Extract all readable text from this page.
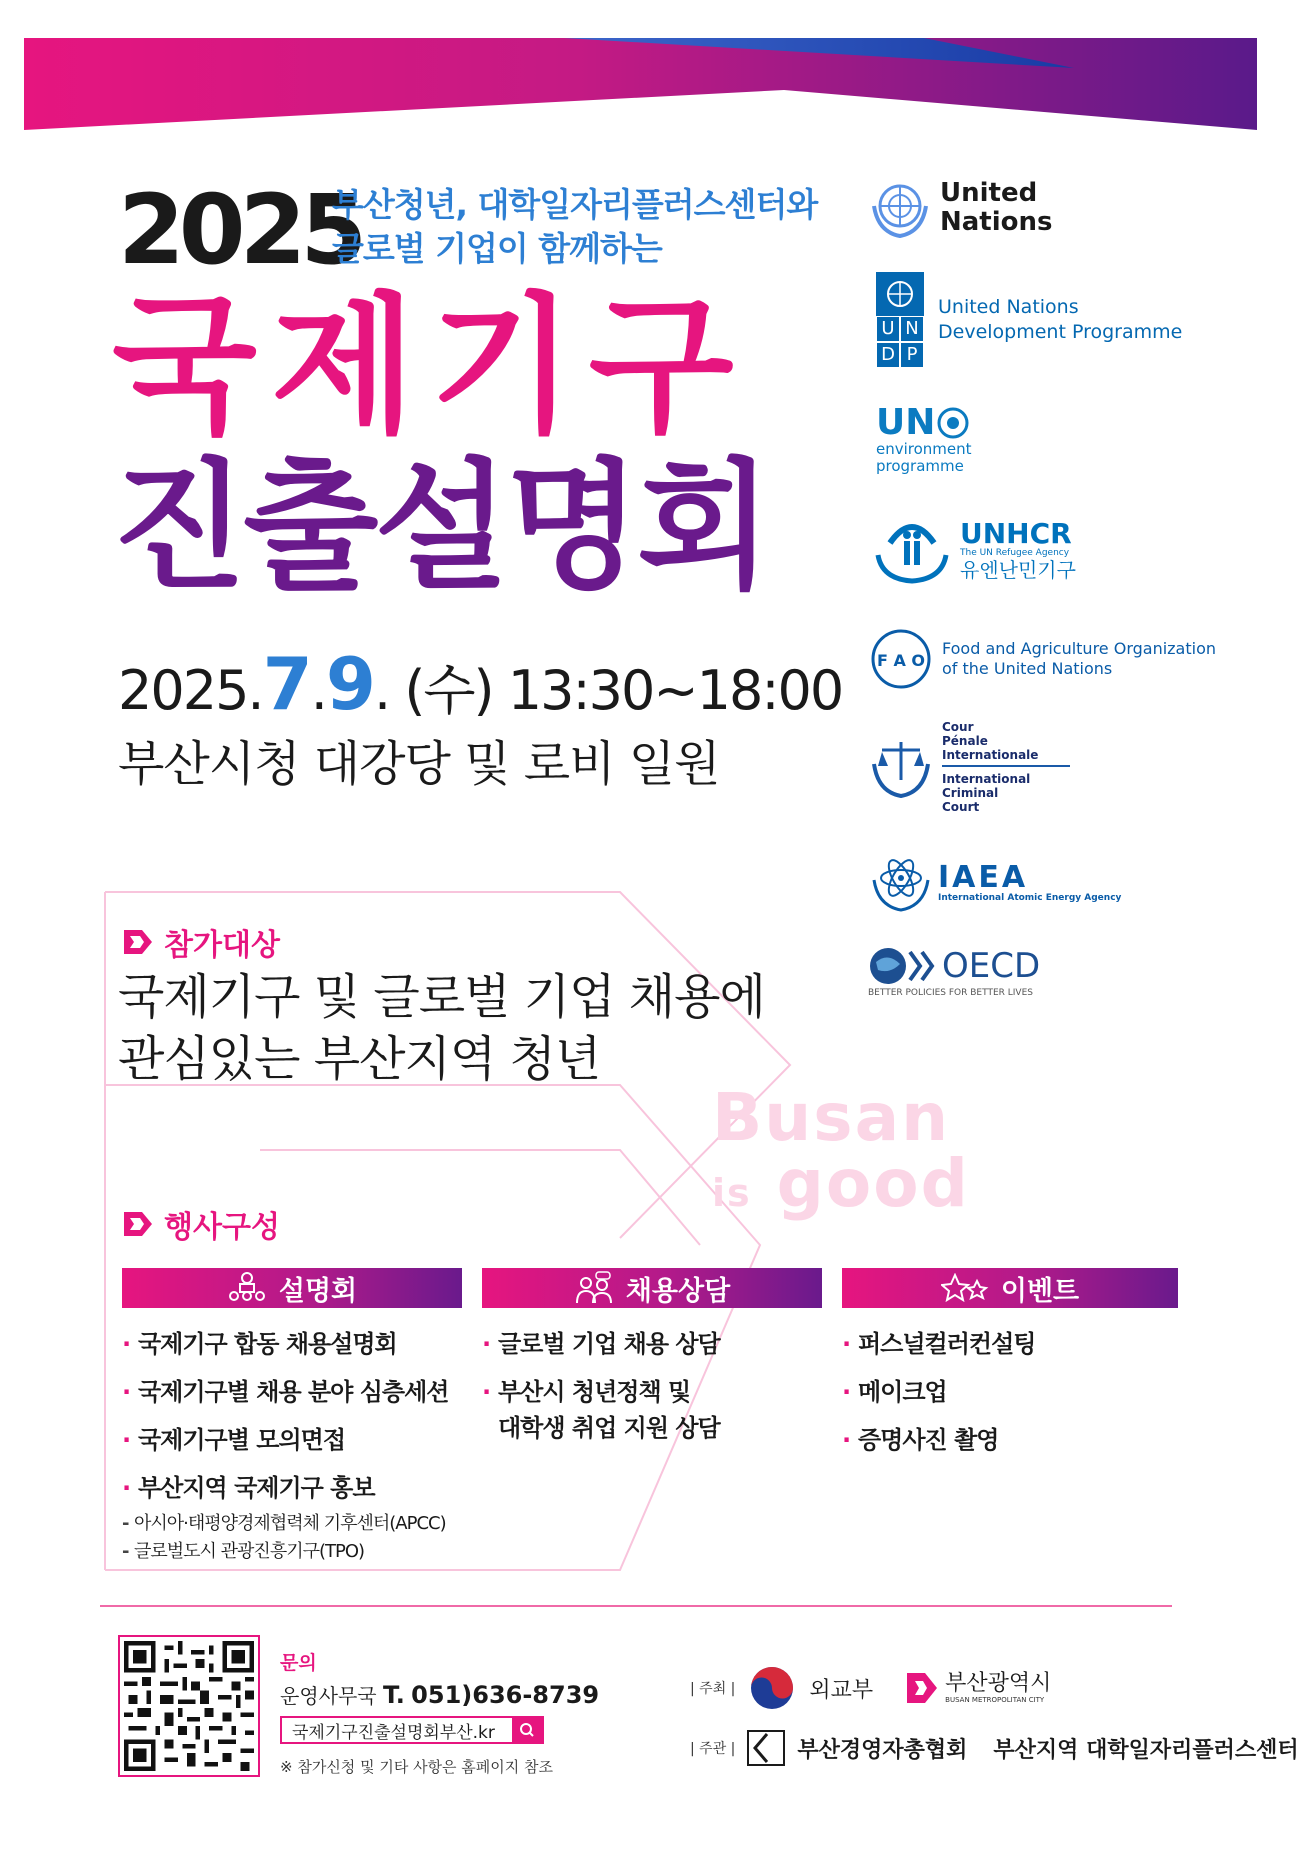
2025
부산청년, 대학일자리플러스센터와
글로벌 기업이 함께하는
국제기구
진출설명회
2025.7.9. (수) 13:30~18:00
부산시청 대강당 및 로비 일원
United
Nations
U N
D P
United Nations
Development Programme
UN
environment
programme
UNHCR
The UN Refugee Agency
유엔난민기구
F A O
Food and Agriculture Organization
of the United Nations
Cour
Pénale
Internationale
International
Criminal
Court
IAEA
International Atomic Energy Agency
OECD
BETTER POLICIES FOR BETTER LIVES
참가대상
국제기구 및 글로벌 기업 채용에
관심있는 부산지역 청년
Busan
is good
행사구성
설명회
· 국제기구 합동 채용설명회
· 국제기구별 채용 분야 심층세션
· 국제기구별 모의면접
· 부산지역 국제기구 홍보
- 아시아·태평양경제협력체 기후센터(APCC)
- 글로벌도시 관광진흥기구(TPO)
채용상담
· 글로벌 기업 채용 상담
· 부산시 청년정책 및
대학생 취업 지원 상담
이벤트
· 퍼스널컬러컨설팅
· 메이크업
· 증명사진 촬영
문의
운영사무국 T. 051)636-8739
국제기구진출설명회부산.kr
※ 참가신청 및 기타 사항은 홈페이지 참조
| 주최 |	외교부	부산광역시
BUSAN METROPOLITAN CITY
| 주관 |	부산경영자총협회 부산지역 대학일자리플러스센터
